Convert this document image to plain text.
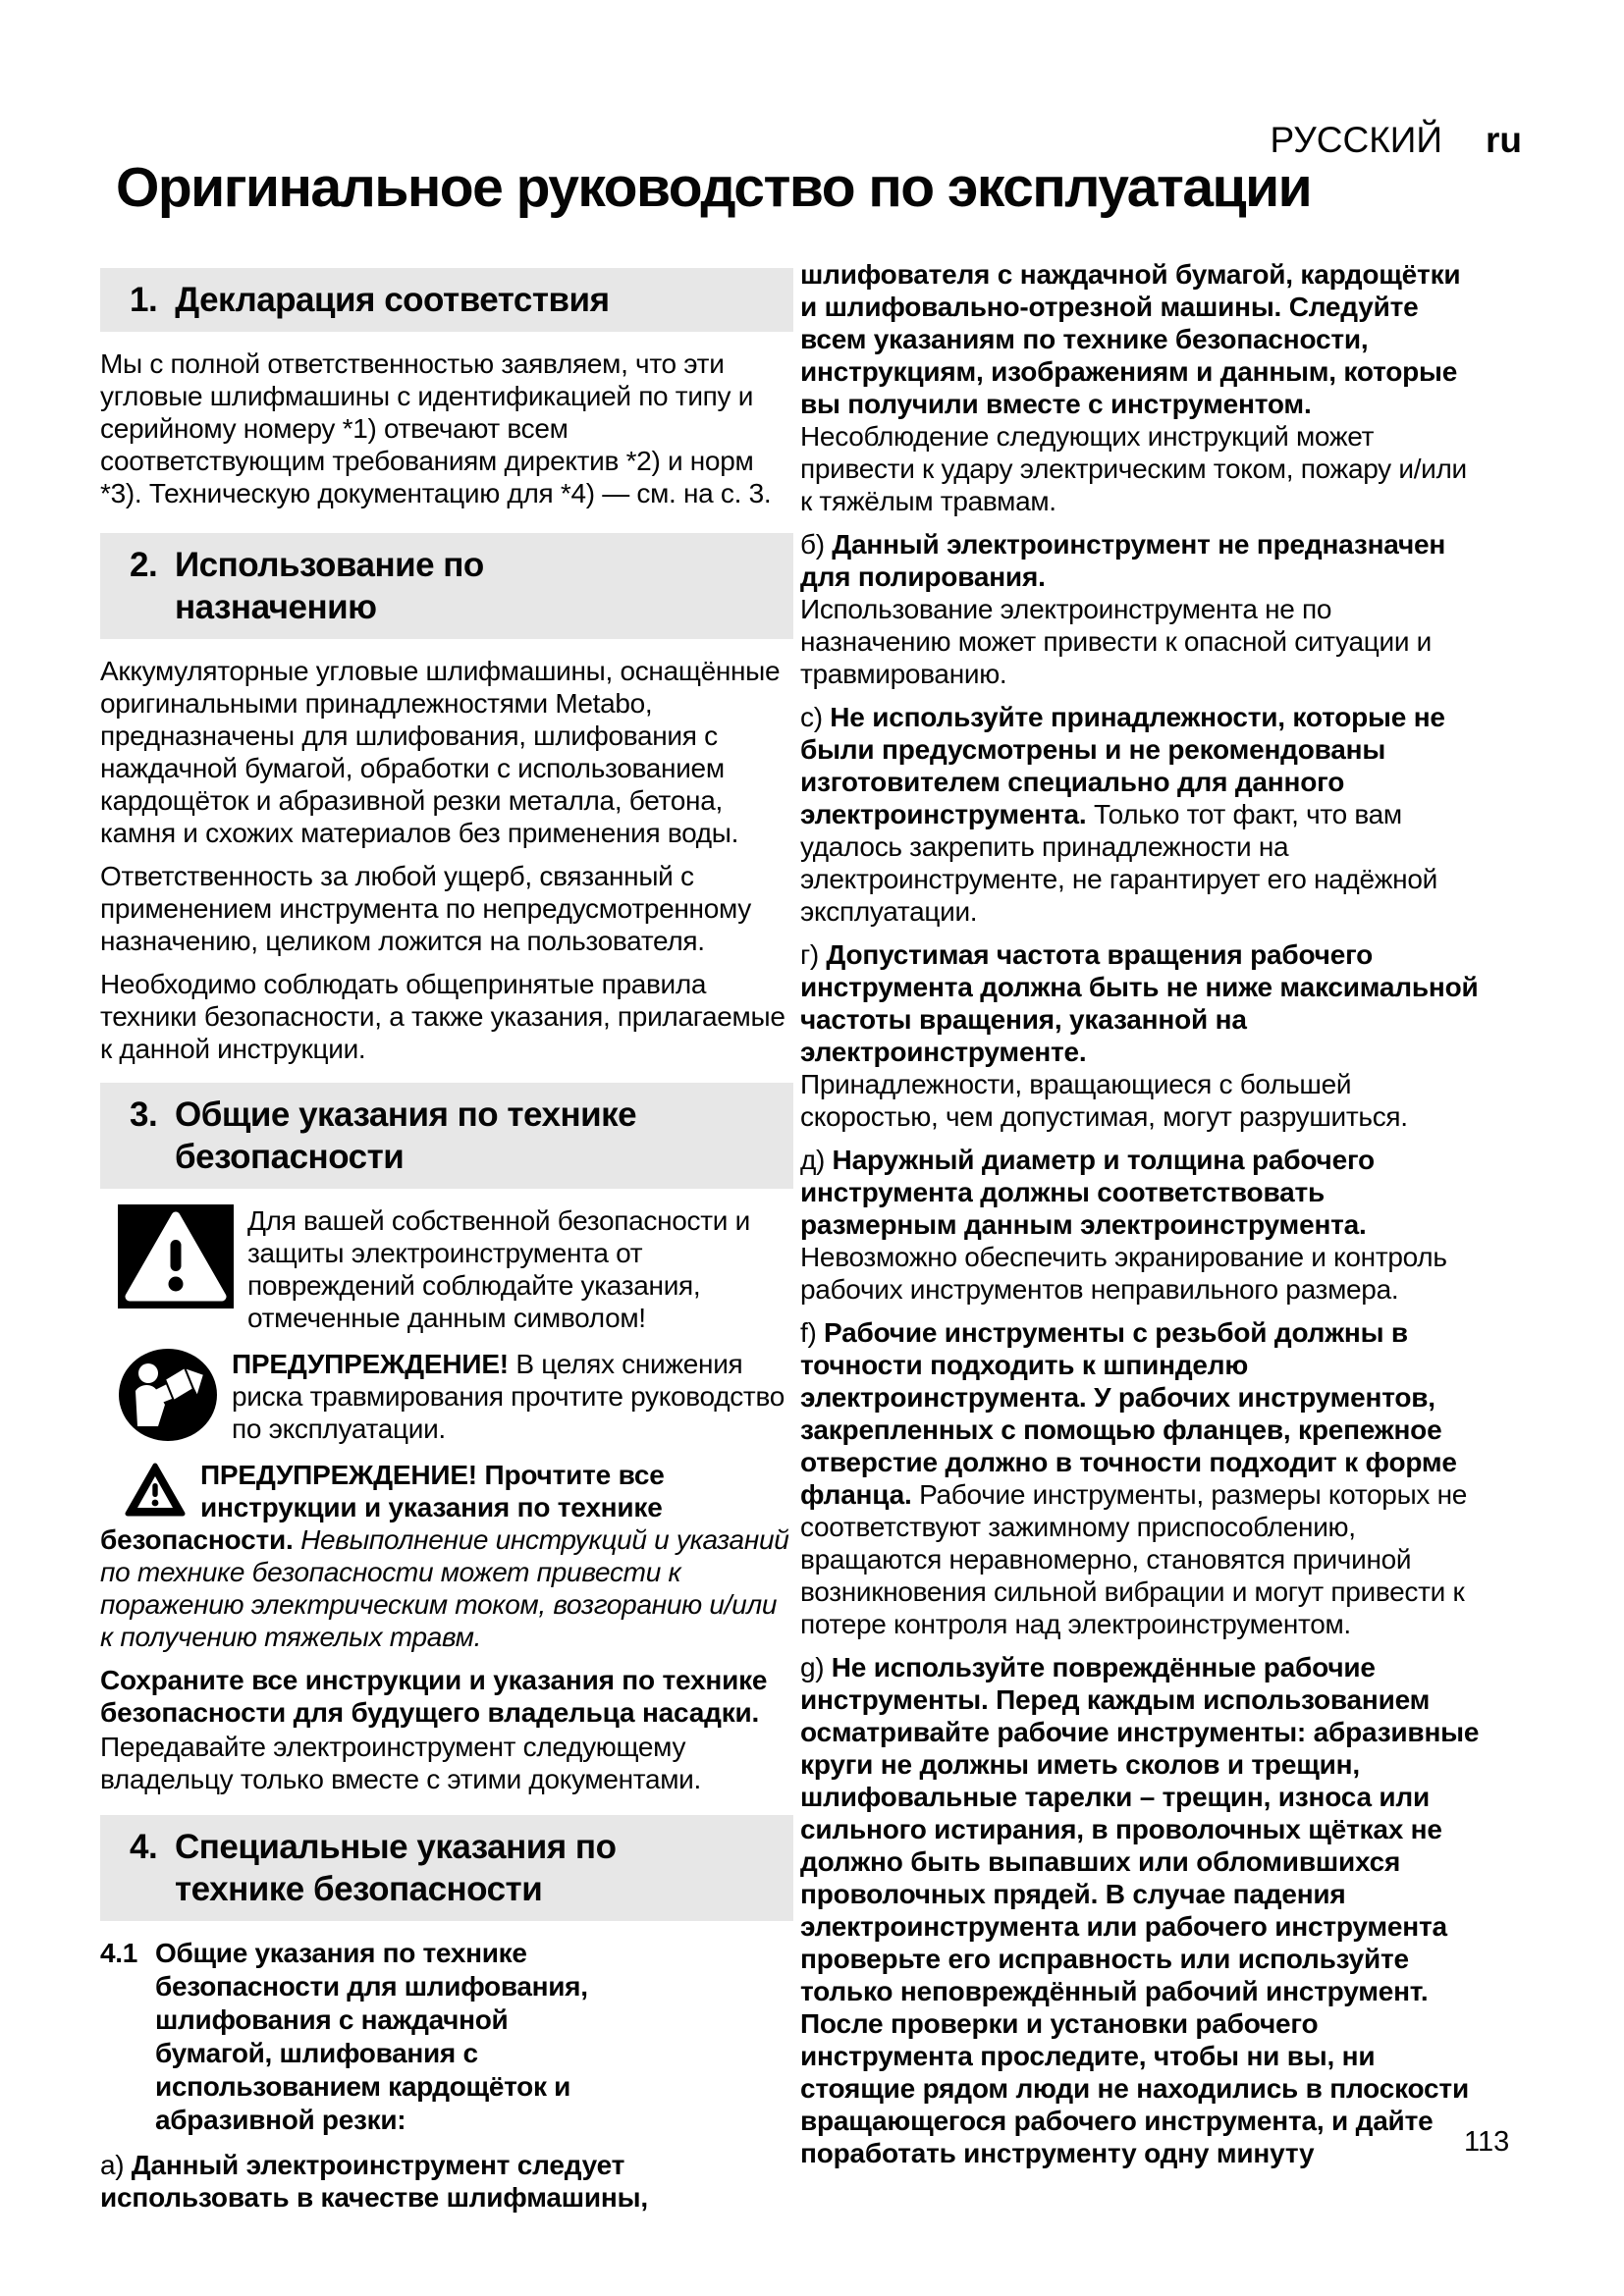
РУССКИЙ ru
Оригинальное руководство по эксплуатации
1. Декларация соответствия

Мы с полной ответственностью заявляем, что эти угловые шлифмашины с идентификацией по типу и серийному номеру *1) отвечают всем соответствующим требованиям директив *2) и норм *3). Техническую документацию для *4) — см. на с. 3.

2. Использование по назначению

Аккумуляторные угловые шлифмашины, оснащённые оригинальными принадлежностями Metabo, предназначены для шлифования, шлифования с наждачной бумагой, обработки с использованием кардощёток и абразивной резки металла, бетона, камня и схожих материалов без применения воды.

Ответственность за любой ущерб, связанный с применением инструмента по непредусмотренному назначению, целиком ложится на пользователя.

Необходимо соблюдать общепринятые правила техники безопасности, а также указания, прилагаемые к данной инструкции.

3. Общие указания по технике безопасности

Для вашей собственной безопасности и защиты электроинструмента от повреждений соблюдайте указания, отмеченные данным символом!

ПРЕДУПРЕЖДЕНИЕ! В целях снижения риска травмирования прочтите руководство по эксплуатации.

ПРЕДУПРЕЖДЕНИЕ! Прочтите все инструкции и указания по технике безопасности. Невыполнение инструкций и указаний по технике безопасности может привести к поражению электрическим током, возгоранию и/или к получению тяжелых травм.

Сохраните все инструкции и указания по технике безопасности для будущего владельца насадки.

Передавайте электроинструмент следующему владельцу только вместе с этими документами.

4. Специальные указания по технике безопасности
4.1 Общие указания по технике безопасности для шлифования, шлифования с наждачной бумагой, шлифования с использованием кардощёток и абразивной резки:

а) Данный электроинструмент следует использовать в качестве шлифмашины,

шлифователя с наждачной бумагой, кардощётки и шлифовально-отрезной машины. Следуйте всем указаниям по технике безопасности, инструкциям, изображениям и данным, которые вы получили вместе с инструментом.
Несоблюдение следующих инструкций может привести к удару электрическим током, пожару и/или к тяжёлым травмам.

б) Данный электроинструмент не предназначен для полирования.
Использование электроинструмента не по назначению может привести к опасной ситуации и травмированию.

c) Не используйте принадлежности, которые не были предусмотрены и не рекомендованы изготовителем специально для данного электроинструмента. Только тот факт, что вам удалось закрепить принадлежности на электроинструменте, не гарантирует его надёжной эксплуатации.

г) Допустимая частота вращения рабочего инструмента должна быть не ниже максимальной частоты вращения, указанной на электроинструменте.
Принадлежности, вращающиеся с большей скоростью, чем допустимая, могут разрушиться.

д) Наружный диаметр и толщина рабочего инструмента должны соответствовать размерным данным электроинструмента.
Невозможно обеспечить экранирование и контроль рабочих инструментов неправильного размера.

f) Рабочие инструменты с резьбой должны в точности подходить к шпинделю электроинструмента. У рабочих инструментов, закрепленных с помощью фланцев, крепежное отверстие должно в точности подходит к форме фланца. Рабочие инструменты, размеры которых не соответствуют зажимному приспособлению, вращаются неравномерно, становятся причиной возникновения сильной вибрации и могут привести к потере контроля над электроинструментом.

g) Не используйте повреждённые рабочие инструменты. Перед каждым использованием осматривайте рабочие инструменты: абразивные круги не должны иметь сколов и трещин, шлифовальные тарелки – трещин, износа или сильного истирания, в проволочных щётках не должно быть выпавших или обломившихся проволочных прядей. В случае падения электроинструмента или рабочего инструмента проверьте его исправность или используйте только неповреждённый рабочий инструмент. После проверки и установки рабочего инструмента проследите, чтобы ни вы, ни стоящие рядом люди не находились в плоскости вращающегося рабочего инструмента, и дайте поработать инструменту одну минуту	113
